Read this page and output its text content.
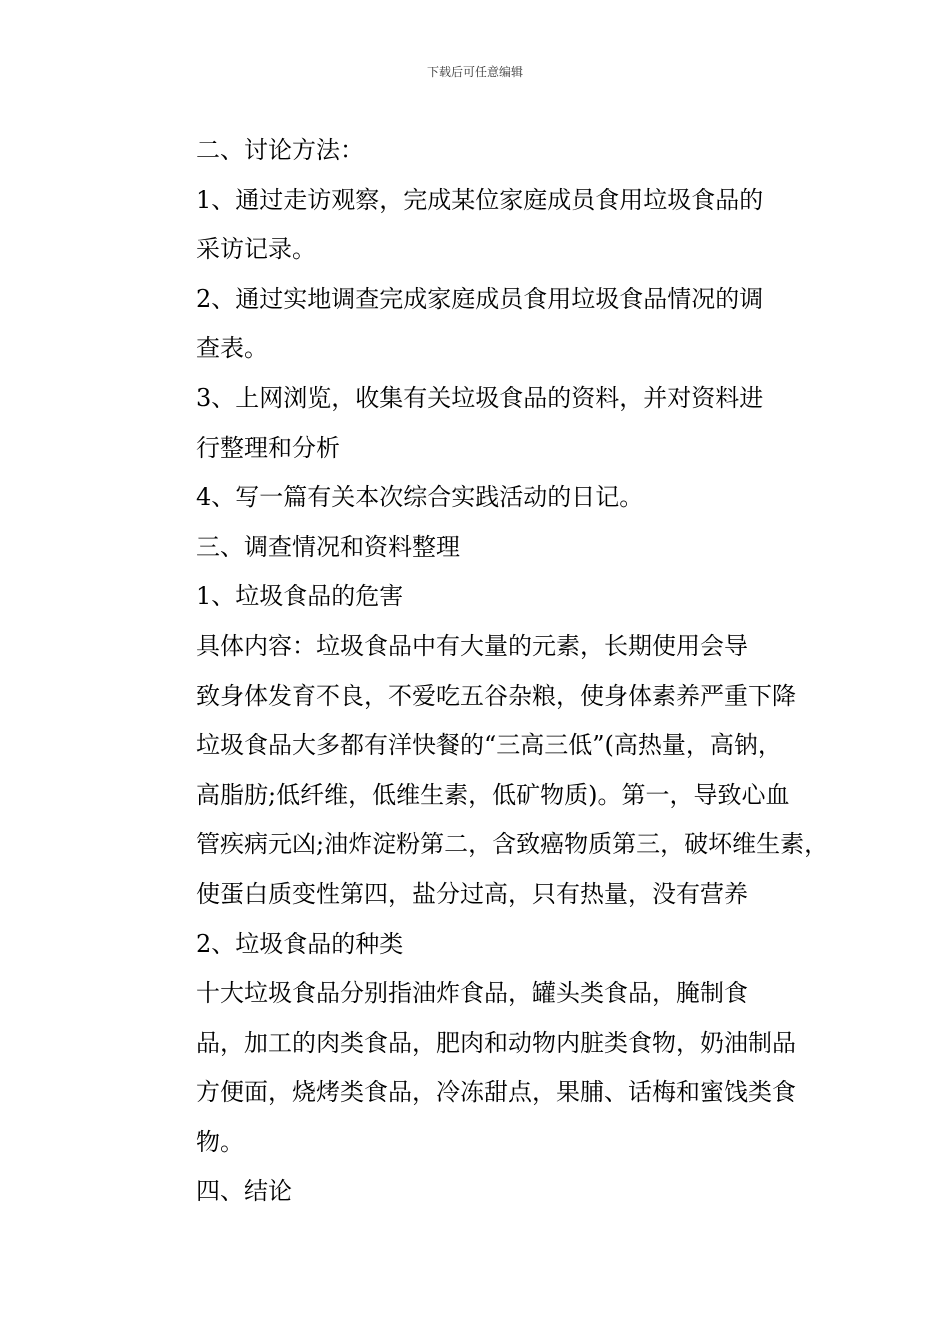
下载后可任意编辑

二、讨论方法：

1、通过走访观察，完成某位家庭成员食用垃圾食品的
采访记录。

2、通过实地调查完成家庭成员食用垃圾食品情况的调
查表。

3、上网浏览，收集有关垃圾食品的资料，并对资料进
行整理和分析

4、写一篇有关本次综合实践活动的日记。

三、调查情况和资料整理

1、垃圾食品的危害

具体内容：垃圾食品中有大量的元素，长期使用会导
致身体发育不良，不爱吃五谷杂粮，使身体素养严重下降
垃圾食品大多都有洋快餐的“三高三低”(高热量，高钠，
高脂肪;低纤维，低维生素，低矿物质)。第一，导致心血
管疾病元凶;油炸淀粉第二，含致癌物质第三，破坏维生素，
使蛋白质变性第四，盐分过高，只有热量，没有营养

2、垃圾食品的种类

十大垃圾食品分别指油炸食品，罐头类食品，腌制食
品，加工的肉类食品，肥肉和动物内脏类食物，奶油制品
方便面，烧烤类食品，冷冻甜点，果脯、话梅和蜜饯类食
物。

四、结论
